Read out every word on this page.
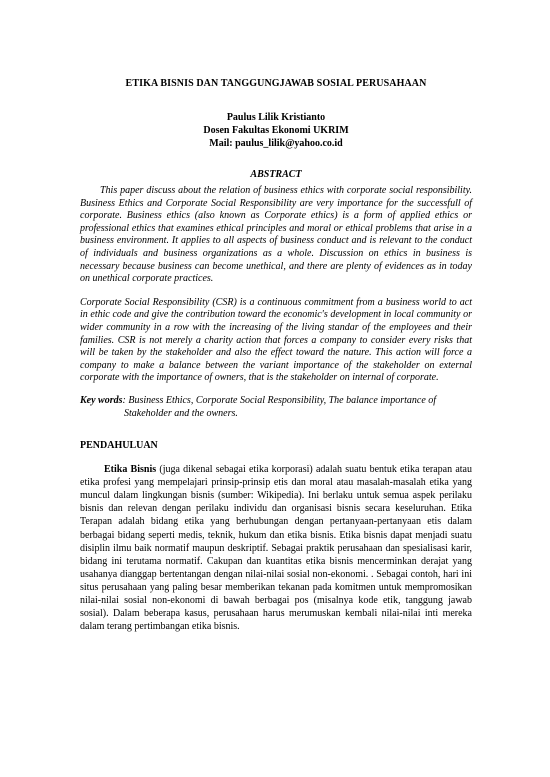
ETIKA BISNIS DAN TANGGUNGJAWAB SOSIAL PERUSAHAAN
Paulus Lilik Kristianto
Dosen Fakultas Ekonomi UKRIM
Mail: paulus_lilik@yahoo.co.id
ABSTRACT

This paper discuss about the relation of business ethics with corporate social responsibility. Business Ethics and Corporate Social Responsibility are very importance for the successfull of corporate. Business ethics (also known as Corporate ethics) is a form of applied ethics or professional ethics that examines ethical principles and moral or ethical problems that arise in a business environment. It applies to all aspects of business conduct and is relevant to the conduct of individuals and business organizations as a whole. Discussion on ethics in business is necessary because business can become unethical, and there are plenty of evidences as in today on unethical corporate practices.

Corporate Social Responsibility (CSR) is a continuous commitment from a business world to act in ethic code and give the contribution toward the economic's development in local community or wider community in a row with the increasing of the living standar of the employees and their families. CSR is not merely a charity action that forces a company to consider every risks that will be taken by the stakeholder and also the effect toward the nature. This action will force a company to make a balance between the variant importance of the stakeholder on external corporate with the importance of owners, that is the stakeholder on internal of corporate.

Key words: Business Ethics, Corporate Social Responsibility, The balance importance of Stakeholder and the owners.
PENDAHULUAN

Etika Bisnis (juga dikenal sebagai etika korporasi) adalah suatu bentuk etika terapan atau etika profesi yang mempelajari prinsip-prinsip etis dan moral atau masalah-masalah etika yang muncul dalam lingkungan bisnis (sumber: Wikipedia). Ini berlaku untuk semua aspek perilaku bisnis dan relevan dengan perilaku individu dan organisasi bisnis secara keseluruhan. Etika Terapan adalah bidang etika yang berhubungan dengan pertanyaan-pertanyaan etis dalam berbagai bidang seperti medis, teknik, hukum dan etika bisnis. Etika bisnis dapat menjadi suatu disiplin ilmu baik normatif maupun deskriptif. Sebagai praktik perusahaan dan spesialisasi karir, bidang ini terutama normatif. Cakupan dan kuantitas etika bisnis mencerminkan derajat yang usahanya dianggap bertentangan dengan nilai-nilai sosial non-ekonomi. . Sebagai contoh, hari ini situs perusahaan yang paling besar memberikan tekanan pada komitmen untuk mempromosikan nilai-nilai sosial non-ekonomi di bawah berbagai pos (misalnya kode etik, tanggung jawab sosial). Dalam beberapa kasus, perusahaan harus merumuskan kembali nilai-nilai inti mereka dalam terang pertimbangan etika bisnis.
